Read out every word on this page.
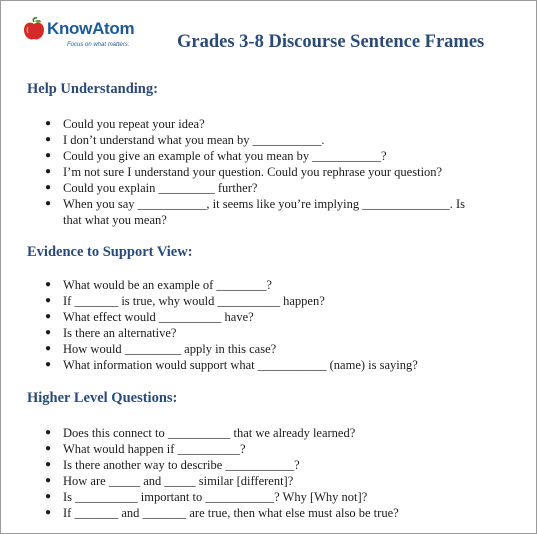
KnowAtom
Focus on what matters.	Grades 3-8 Discourse Sentence Frames
Help Understanding:
● Could you repeat your idea?
● I don’t understand what you mean by ___________.
● Could you give an example of what you mean by ___________?
● I’m not sure I understand your question. Could you rephrase your question?
● Could you explain _________ further?
● When you say ___________, it seems like you’re implying ______________. Is that what you mean?
Evidence to Support View:
● What would be an example of ________?
● If _______ is true, why would __________ happen?
● What effect would __________ have?
● Is there an alternative?
● How would _________ apply in this case?
● What information would support what ___________ (name) is saying?
Higher Level Questions:
● Does this connect to __________ that we already learned?
● What would happen if __________?
● Is there another way to describe ___________?
● How are _____ and _____ similar [different]?
● Is __________ important to ___________? Why [Why not]?
● If _______ and _______ are true, then what else must also be true?
